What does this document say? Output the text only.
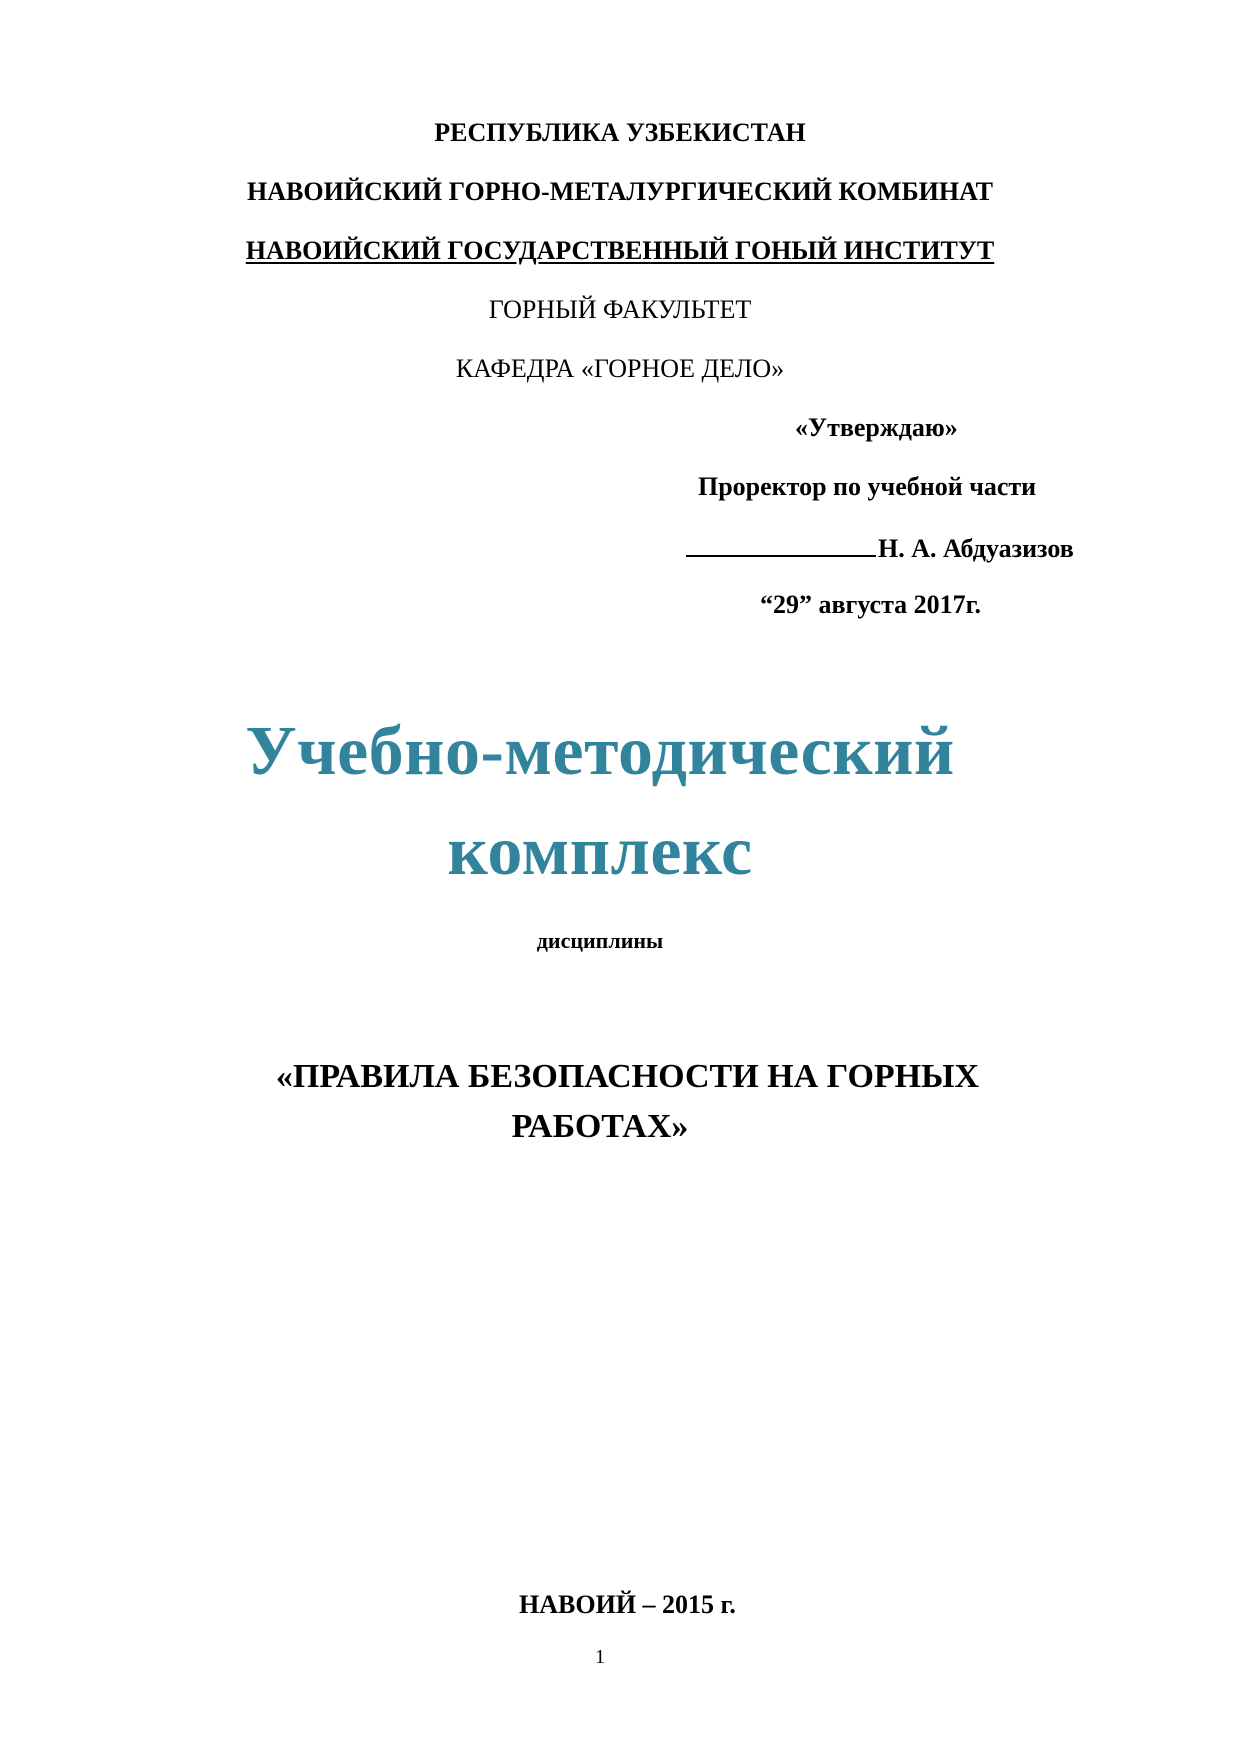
РЕСПУБЛИКА УЗБЕКИСТАН
НАВОИЙСКИЙ ГОРНО-МЕТАЛУРГИЧЕСКИЙ КОМБИНАТ
НАВОИЙСКИЙ ГОСУДАРСТВЕННЫЙ ГОНЫЙ ИНСТИТУТ
ГОРНЫЙ ФАКУЛЬТЕТ
КАФЕДРА «ГОРНОЕ ДЕЛО»
«Утверждаю»
Проректор по учебной части
Н. А. Абдуазизов
“29” августа 2017г.
Учебно-методический
комплекс
дисциплины
«ПРАВИЛА БЕЗОПАСНОСТИ НА ГОРНЫХ
РАБОТАХ»
НАВОИЙ – 2015 г.
1
